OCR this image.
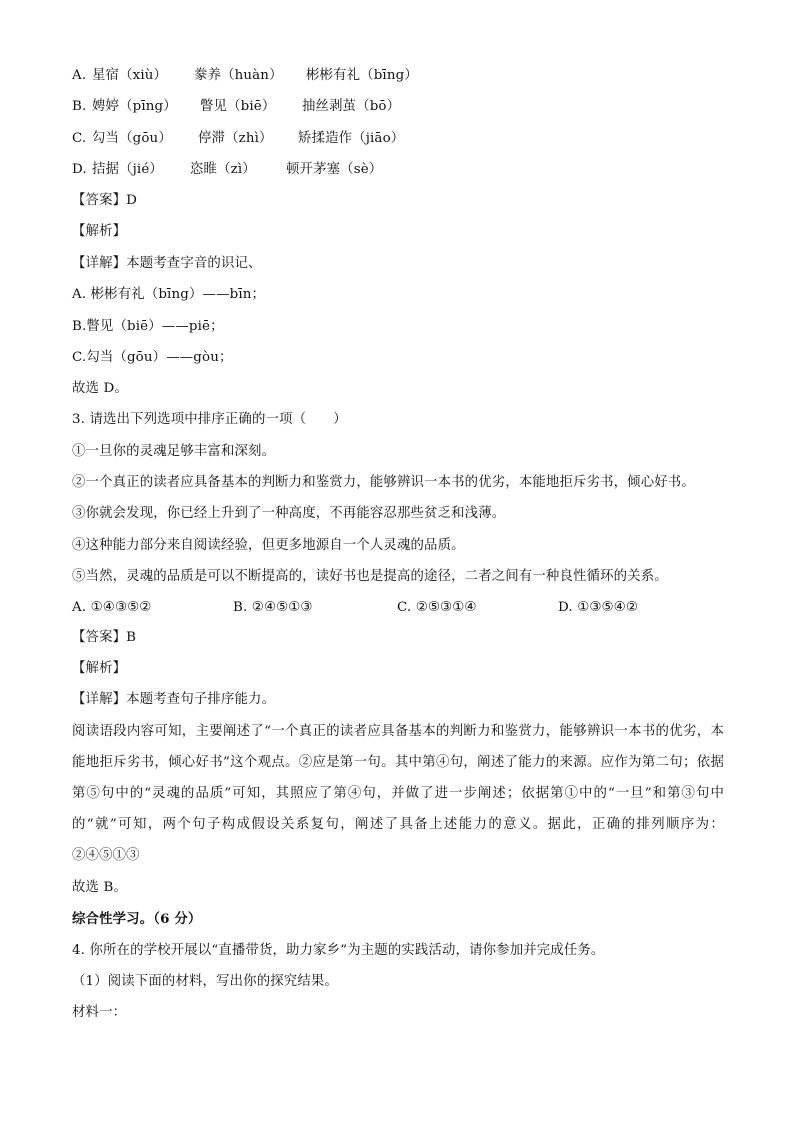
A. 星宿（xiù） 豢养（huàn） 彬彬有礼（bīng）
B. 娉婷（pīng） 瞥见（biē） 抽丝剥茧（bō）
C. 勾当（gōu） 停滞（zhì） 矫揉造作（jiāo）
D. 拮据（jié） 恣睢（zì） 顿开茅塞（sè）
【答案】D
【解析】
【详解】本题考查字音的识记、
A. 彬彬有礼（bīng）——bīn；
B.瞥见（biē）——piē；
C.勾当（gōu）——gòu；
故选 D。
3. 请选出下列选项中排序正确的一项（　　）
①一旦你的灵魂足够丰富和深刻。
②一个真正的读者应具备基本的判断力和鉴赏力，能够辨识一本书的优劣，本能地拒斥劣书，倾心好书。
③你就会发现，你已经上升到了一种高度，不再能容忍那些贫乏和浅薄。
④这种能力部分来自阅读经验，但更多地源自一个人灵魂的品质。
⑤当然，灵魂的品质是可以不断提高的，读好书也是提高的途径，二者之间有一种良性循环的关系。
A. ①④③⑤②	B. ②④⑤①③	C. ②⑤③①④	D. ①③⑤④②
【答案】B
【解析】
【详解】本题考查句子排序能力。
阅读语段内容可知，主要阐述了“一个真正的读者应具备基本的判断力和鉴赏力，能够辨识一本书的优劣，本能地拒斥劣书，倾心好书”这个观点。②应是第一句。其中第④句，阐述了能力的来源。应作为第二句；依据第⑤句中的“灵魂的品质”可知，其照应了第④句，并做了进一步阐述；依据第①中的“一旦”和第③句中的“就”可知，两个句子构成假设关系复句，阐述了具备上述能力的意义。据此，正确的排列顺序为：②④⑤①③
故选 B。
综合性学习。（6 分）
4. 你所在的学校开展以“直播带货，助力家乡”为主题的实践活动，请你参加并完成任务。
（1）阅读下面的材料，写出你的探究结果。
材料一：
